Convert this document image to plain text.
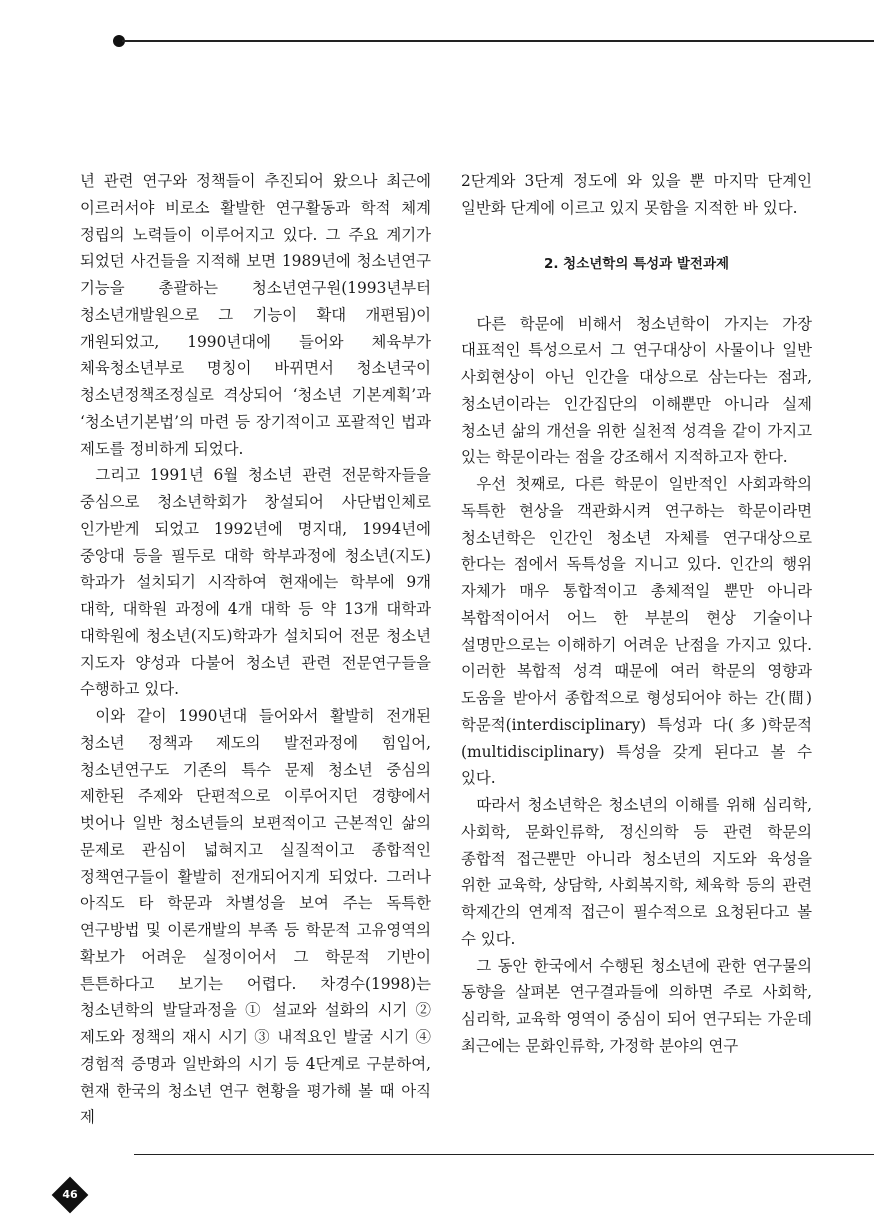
년 관련 연구와 정책들이 추진되어 왔으나 최근에 이르러서야 비로소 활발한 연구활동과 학적 체계 정립의 노력들이 이루어지고 있다. 그 주요 계기가 되었던 사건들을 지적해 보면 1989년에 청소년연구 기능을 총괄하는 청소년연구원(1993년부터 청소년개발원으로 그 기능이 확대 개편됨)이 개원되었고, 1990년대에 들어와 체육부가 체육청소년부로 명칭이 바뀌면서 청소년국이 청소년정책조정실로 격상되어 ‘청소년 기본계획’과 ‘청소년기본법’의 마련 등 장기적이고 포괄적인 법과 제도를 정비하게 되었다.

그리고 1991년 6월 청소년 관련 전문학자들을 중심으로 청소년학회가 창설되어 사단법인체로 인가받게 되었고 1992년에 명지대, 1994년에 중앙대 등을 필두로 대학 학부과정에 청소년(지도)학과가 설치되기 시작하여 현재에는 학부에 9개 대학, 대학원 과정에 4개 대학 등 약 13개 대학과 대학원에 청소년(지도)학과가 설치되어 전문 청소년 지도자 양성과 다불어 청소년 관련 전문연구들을 수행하고 있다.

이와 같이 1990년대 들어와서 활발히 전개된 청소년 정책과 제도의 발전과정에 힘입어, 청소년연구도 기존의 특수 문제 청소년 중심의 제한된 주제와 단편적으로 이루어지던 경향에서 벗어나 일반 청소년들의 보편적이고 근본적인 삶의 문제로 관심이 넓혀지고 실질적이고 종합적인 정책연구들이 활발히 전개되어지게 되었다. 그러나 아직도 타 학문과 차별성을 보여 주는 독특한 연구방법 및 이론개발의 부족 등 학문적 고유영역의 확보가 어려운 실정이어서 그 학문적 기반이 튼튼하다고 보기는 어렵다. 차경수(1998)는 청소년학의 발달과정을 ① 설교와 설화의 시기 ② 제도와 정책의 재시 시기 ③ 내적요인 발굴 시기 ④ 경험적 증명과 일반화의 시기 등 4단계로 구분하여, 현재 한국의 청소년 연구 현황을 평가해 볼 때 아직 제

2단계와 3단계 정도에 와 있을 뿐 마지막 단계인 일반화 단계에 이르고 있지 못함을 지적한 바 있다.

2. 청소년학의 특성과 발전과제

다른 학문에 비해서 청소년학이 가지는 가장 대표적인 특성으로서 그 연구대상이 사물이나 일반 사회현상이 아닌 인간을 대상으로 삼는다는 점과, 청소년이라는 인간집단의 이해뿐만 아니라 실제 청소년 삶의 개선을 위한 실천적 성격을 같이 가지고 있는 학문이라는 점을 강조해서 지적하고자 한다.

우선 첫째로, 다른 학문이 일반적인 사회과학의 독특한 현상을 객관화시켜 연구하는 학문이라면 청소년학은 인간인 청소년 자체를 연구대상으로 한다는 점에서 독특성을 지니고 있다. 인간의 행위 자체가 매우 통합적이고 총체적일 뿐만 아니라 복합적이어서 어느 한 부분의 현상 기술이나 설명만으로는 이해하기 어려운 난점을 가지고 있다. 이러한 복합적 성격 때문에 여러 학문의 영향과 도움을 받아서 종합적으로 형성되어야 하는 간(間)학문적(interdisciplinary) 특성과 다(多)학문적(multidisciplinary) 특성을 갖게 된다고 볼 수 있다.

따라서 청소년학은 청소년의 이해를 위해 심리학, 사회학, 문화인류학, 정신의학 등 관련 학문의 종합적 접근뿐만 아니라 청소년의 지도와 육성을 위한 교육학, 상담학, 사회복지학, 체육학 등의 관련 학제간의 연계적 접근이 필수적으로 요청된다고 볼 수 있다.

그 동안 한국에서 수행된 청소년에 관한 연구물의 동향을 살펴본 연구결과들에 의하면 주로 사회학, 심리학, 교육학 영역이 중심이 되어 연구되는 가운데 최근에는 문화인류학, 가정학 분야의 연구

46
